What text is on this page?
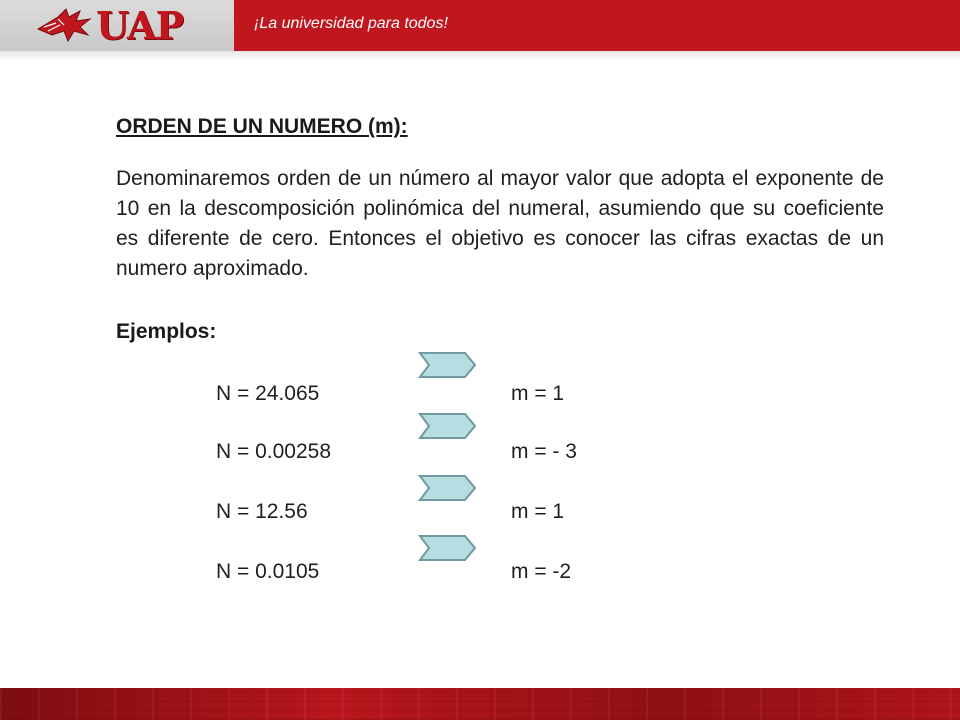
UAP	¡La universidad para todos!
ORDEN DE UN NUMERO (m):

Denominaremos orden de un número al mayor valor que adopta el exponente de 10 en la descomposición polinómica del numeral, asumiendo que su coeficiente es diferente de cero. Entonces el objetivo es conocer las cifras exactas de un numero aproximado.

Ejemplos:
N = 24.065	m = 1
N = 0.00258	m = - 3
N = 12.56	m = 1
N = 0.0105	m = -2
